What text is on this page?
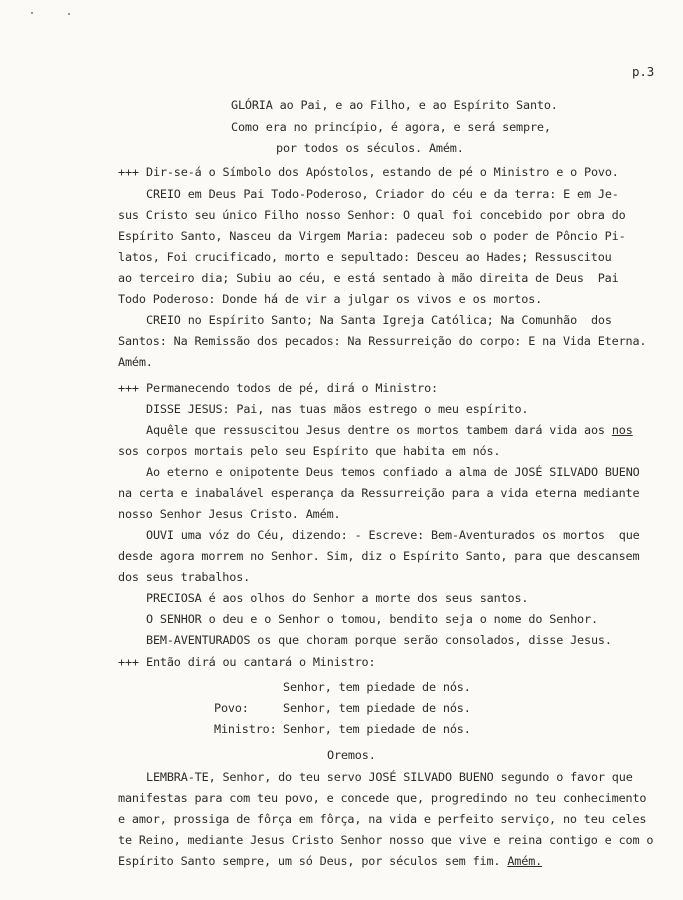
p.3
GLÓRIA ao Pai, e ao Filho, e ao Espírito Santo.
Como era no princípio, é agora, e será sempre,
por todos os séculos. Amém.
+++ Dir-se-á o Símbolo dos Apóstolos, estando de pé o Ministro e o Povo.
CREIO em Deus Pai Todo-Poderoso, Criador do céu e da terra: E em Je-
sus Cristo seu único Filho nosso Senhor: O qual foi concebido por obra do
Espírito Santo, Nasceu da Virgem Maria: padeceu sob o poder de Pôncio Pi-
latos, Foi crucificado, morto e sepultado: Desceu ao Hades; Ressuscitou
ao terceiro dia; Subiu ao céu, e está sentado à mão direita de Deus  Pai
Todo Poderoso: Donde há de vir a julgar os vivos e os mortos.
CREIO no Espírito Santo; Na Santa Igreja Católica; Na Comunhão  dos
Santos: Na Remissão dos pecados: Na Ressurreição do corpo: E na Vida Eterna.
Amém.
+++ Permanecendo todos de pé, dirá o Ministro:
DISSE JESUS: Pai, nas tuas mãos estrego o meu espírito.
Aquêle que ressuscitou Jesus dentre os mortos tambem dará vida aos nos
sos corpos mortais pelo seu Espírito que habita em nós.
Ao eterno e onipotente Deus temos confiado a alma de JOSÉ SILVADO BUENO
na certa e inabalável esperança da Ressurreição para a vida eterna mediante
nosso Senhor Jesus Cristo. Amém.
OUVI uma vóz do Céu, dizendo: - Escreve: Bem-Aventurados os mortos  que
desde agora morrem no Senhor. Sim, diz o Espírito Santo, para que descansem
dos seus trabalhos.
PRECIOSA é aos olhos do Senhor a morte dos seus santos.
O SENHOR o deu e o Senhor o tomou, bendito seja o nome do Senhor.
BEM-AVENTURADOS os que choram porque serão consolados, disse Jesus.
+++ Então dirá ou cantará o Ministro:
Senhor, tem piedade de nós.
Povo:	Senhor, tem piedade de nós.
Ministro: Senhor, tem piedade de nós.
Oremos.
LEMBRA-TE, Senhor, do teu servo JOSÉ SILVADO BUENO segundo o favor que
manifestas para com teu povo, e concede que, progredindo no teu conhecimento
e amor, prossiga de fôrça em fôrça, na vida e perfeito serviço, no teu celes
te Reino, mediante Jesus Cristo Senhor nosso que vive e reina contigo e com o
Espírito Santo sempre, um só Deus, por séculos sem fim. Amém.
